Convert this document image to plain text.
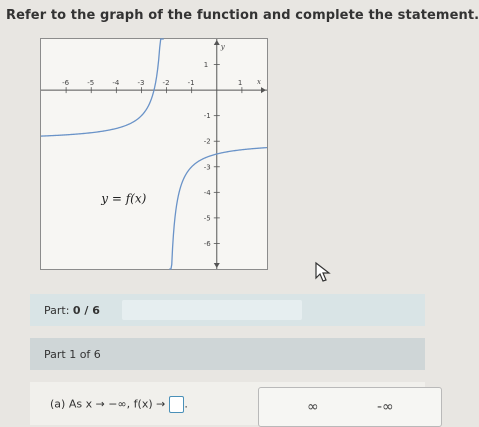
Refer to the graph of the function and complete the statement.
x
y
-6	-5	-4	-3	-2	-1	1
1
-1
-2
-3
-4
-5
-6
y = f(x)
Part: 0 / 6
Part 1 of 6
(a) As x → −∞, f(x) → .	∞	-∞
